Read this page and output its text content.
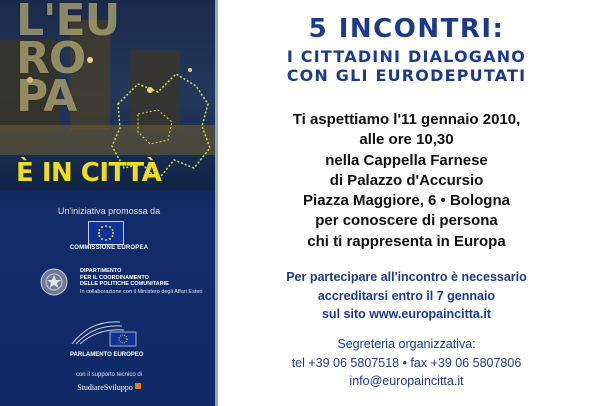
L'EU
RO
PA
È IN CITTÀ
Un'iniziativa promossa da
COMMISSIONE EUROPEA
DIPARTIMENTO
PER IL COORDINAMENTO
DELLE POLITICHE COMUNITARIE
In collaborazione con il Ministero degli Affari Esteri
PARLAMENTO EUROPEO
con il supporto tecnico di
StudiareSviluppo
5 INCONTRI:
I CITTADINI DIALOGANO
CON GLI EURODEPUTATI
Ti aspettiamo l'11 gennaio 2010,
alle ore 10,30
nella Cappella Farnese
di Palazzo d'Accursio
Piazza Maggiore, 6 • Bologna
per conoscere di persona
chi ti rappresenta in Europa
Per partecipare all'incontro è necessario
accreditarsi entro il 7 gennaio
sul sito www.europaincitta.it
Segreteria organizzativa:
tel +39 06 5807518 • fax +39 06 5807806
info@europaincitta.it
